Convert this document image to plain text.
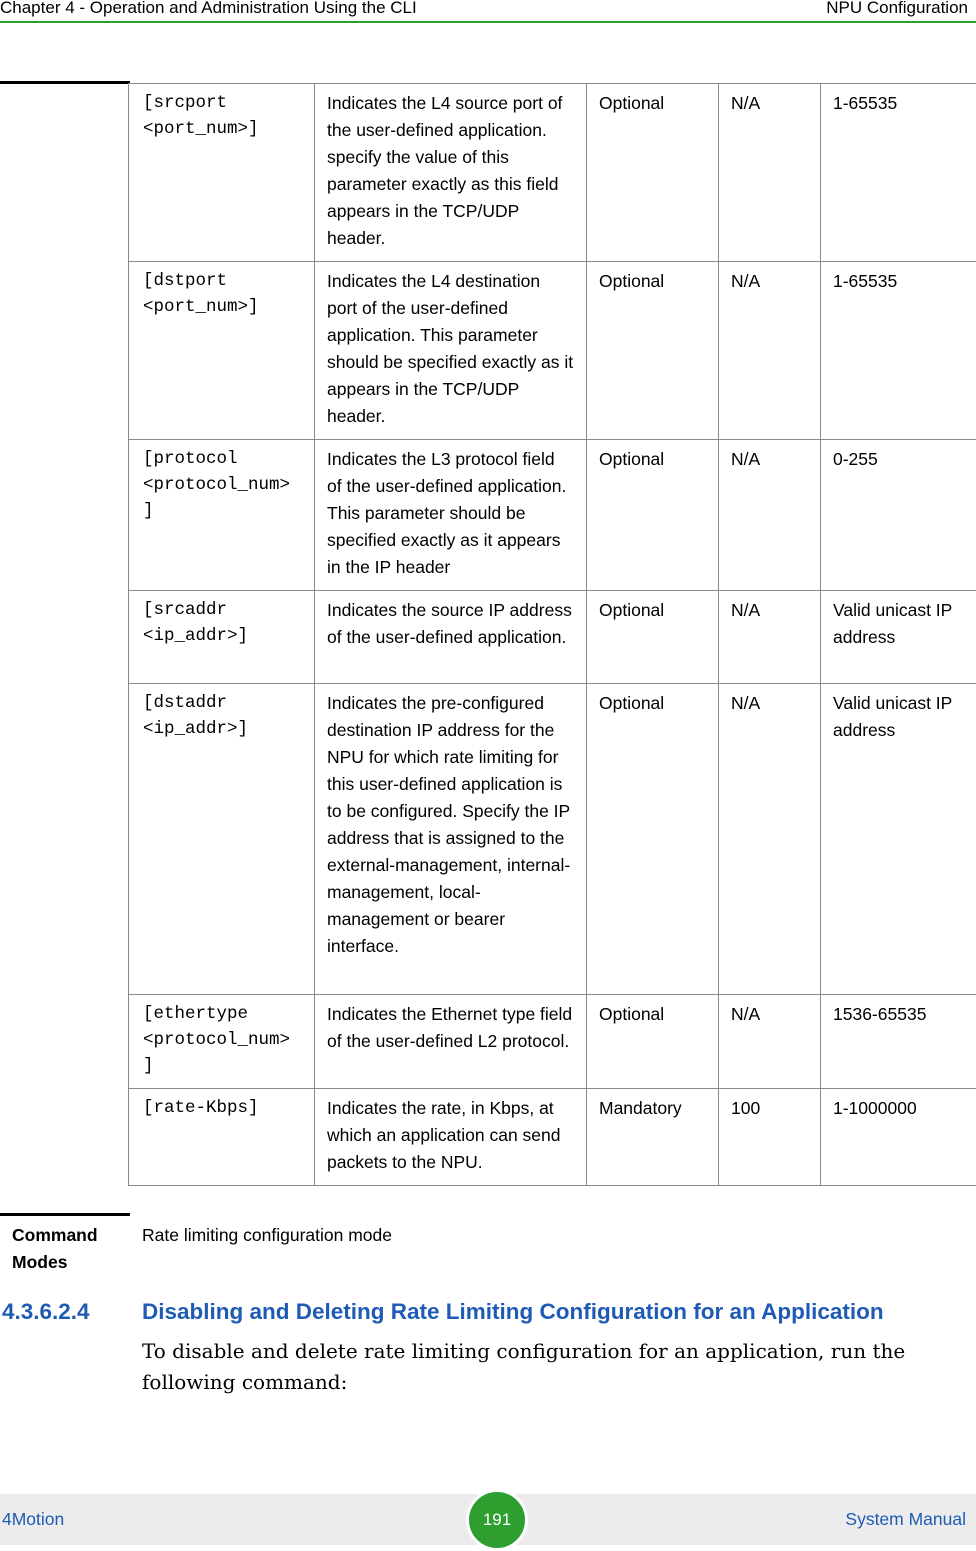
Chapter 4 - Operation and Administration Using the CLI	NPU Configuration
[srcport
<port_num>]	Indicates the L4 source port of the user-defined application. specify the value of this parameter exactly as this field appears in the TCP/UDP header.	Optional	N/A	1-65535
[dstport
<port_num>]	Indicates the L4 destination port of the user-defined application. This parameter should be specified exactly as it appears in the TCP/UDP header.	Optional	N/A	1-65535
[protocol
<protocol_num>
]	Indicates the L3 protocol field of the user-defined application. This parameter should be specified exactly as it appears in the IP header	Optional	N/A	0-255
[srcaddr
<ip_addr>]	Indicates the source IP address of the user-defined application.	Optional	N/A	Valid unicast IP address
[dstaddr
<ip_addr>]	Indicates the pre-configured destination IP address for the NPU for which rate limiting for this user-defined application is to be configured. Specify the IP address that is assigned to the external-management, internal-management, local-management or bearer interface.	Optional	N/A	Valid unicast IP address
[ethertype
<protocol_num>
]	Indicates the Ethernet type field of the user-defined L2 protocol.	Optional	N/A	1536-65535
[rate-Kbps]	Indicates the rate, in Kbps, at which an application can send packets to the NPU.	Mandatory	100	1-1000000
Command Modes
Rate limiting configuration mode
4.3.6.2.4 Disabling and Deleting Rate Limiting Configuration for an Application
To disable and delete rate limiting configuration for an application, run the following command:
4Motion	191	System Manual
